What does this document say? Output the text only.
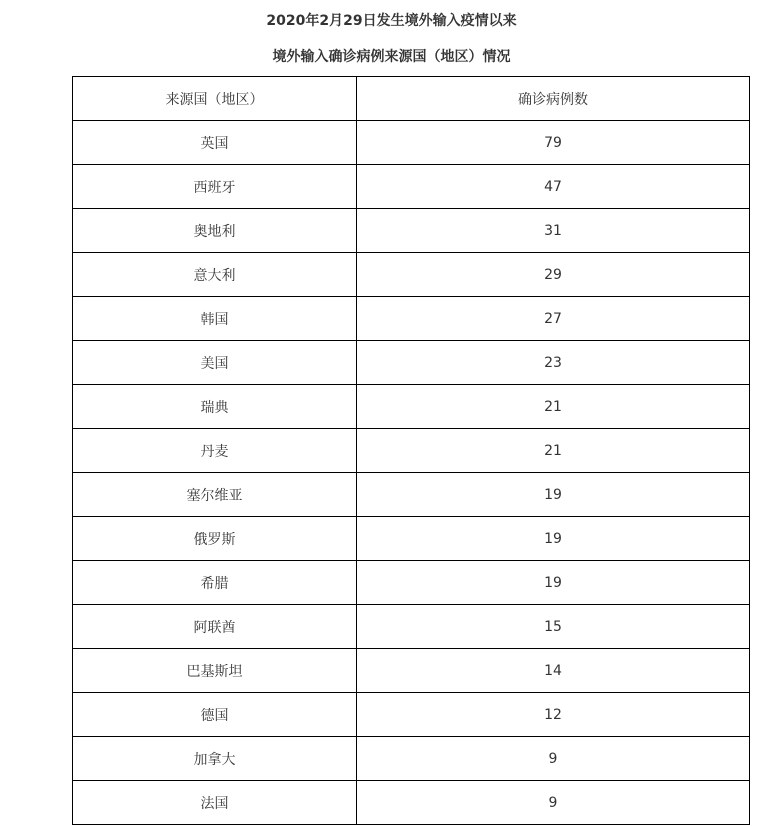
2020年2月29日发生境外输入疫情以来

境外输入确诊病例来源国（地区）情况

来源国（地区）	确诊病例数
英国	79
西班牙	47
奥地利	31
意大利	29
韩国	27
美国	23
瑞典	21
丹麦	21
塞尔维亚	19
俄罗斯	19
希腊	19
阿联酋	15
巴基斯坦	14
德国	12
加拿大	9
法国	9
